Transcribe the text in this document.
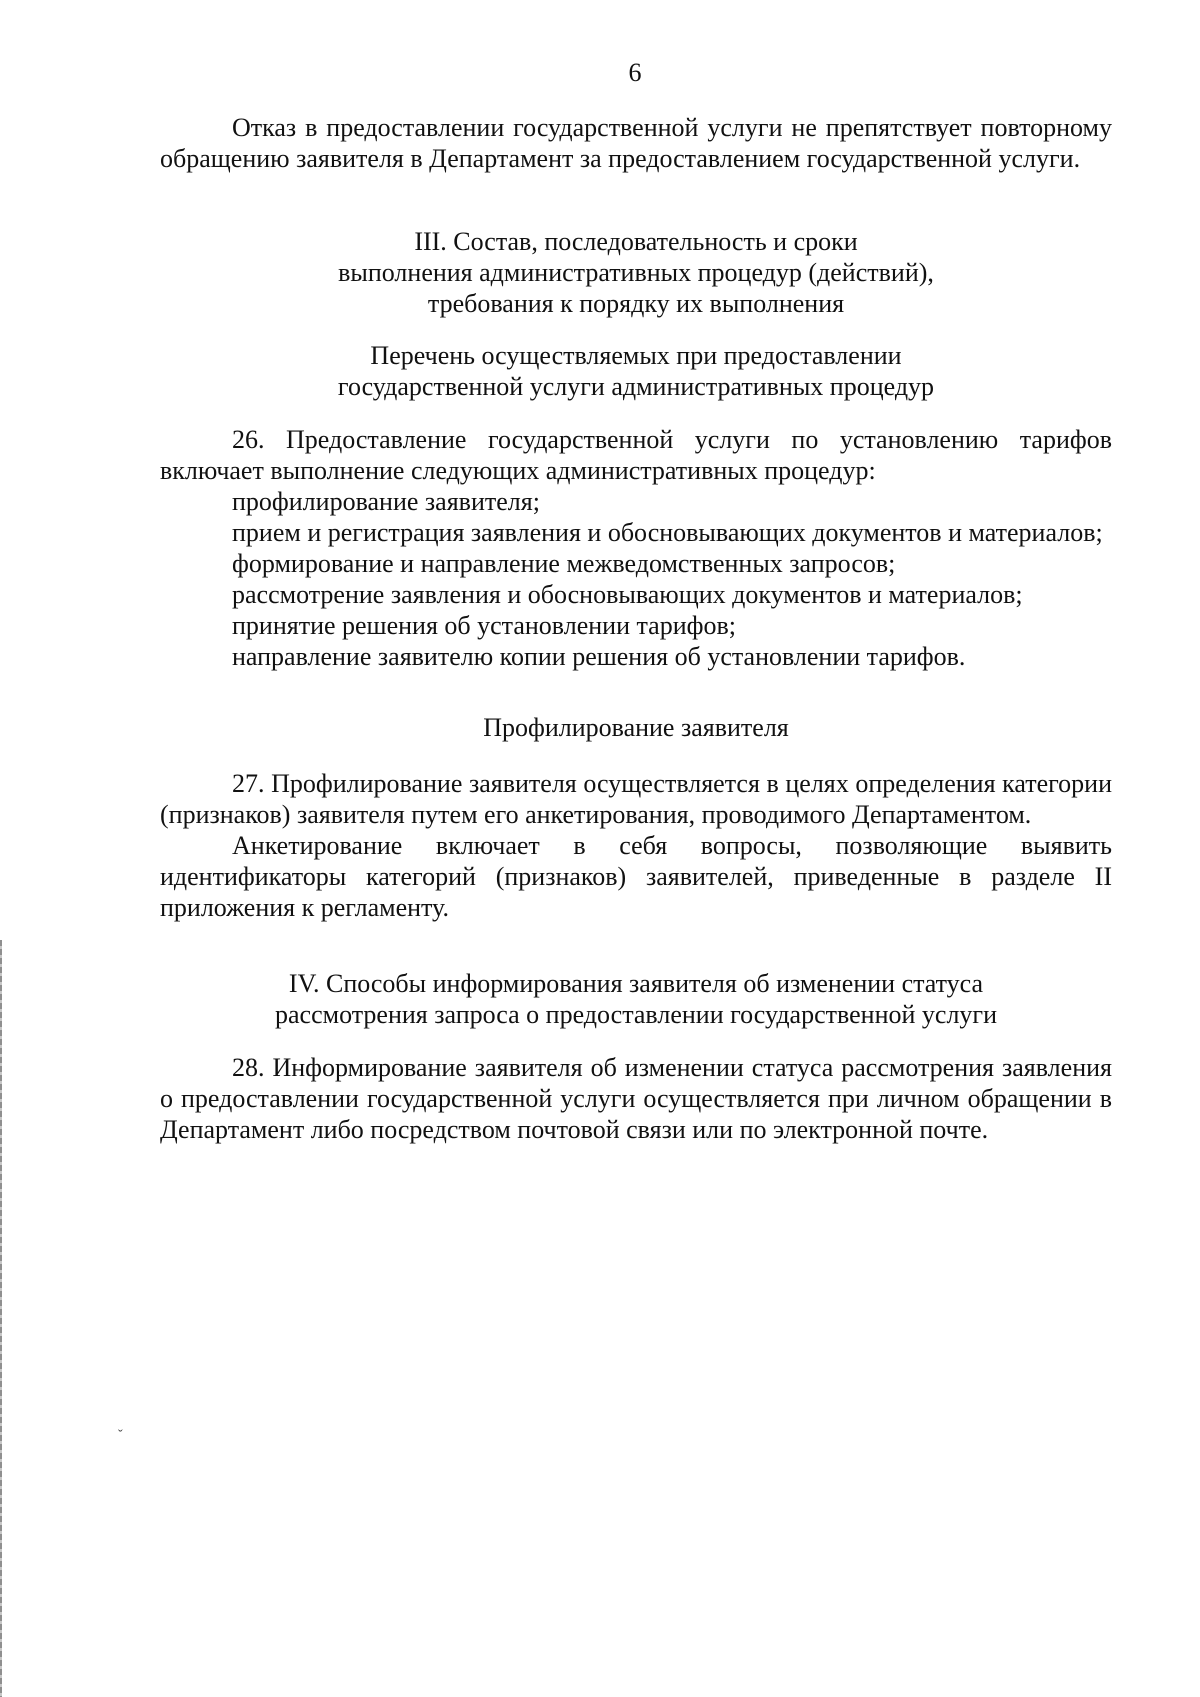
6

Отказ в предоставлении государственной услуги не препятствует повторному обращению заявителя в Департамент за предоставлением государственной услуги.

III. Состав, последовательность и сроки
выполнения административных процедур (действий),
требования к порядку их выполнения
Перечень осуществляемых при предоставлении
государственной услуги административных процедур

26. Предоставление государственной услуги по установлению тарифов включает выполнение следующих административных процедур:

профилирование заявителя;

прием и регистрация заявления и обосновывающих документов и материалов;

формирование и направление межведомственных запросов;

рассмотрение заявления и обосновывающих документов и материалов;

принятие решения об установлении тарифов;

направление заявителю копии решения об установлении тарифов.

Профилирование заявителя

27. Профилирование заявителя осуществляется в целях определения категории (признаков) заявителя путем его анкетирования, проводимого Департаментом.

Анкетирование включает в себя вопросы, позволяющие выявить идентификаторы категорий (признаков) заявителей, приведенные в разделе II приложения к регламенту.

IV. Способы информирования заявителя об изменении статуса
рассмотрения запроса о предоставлении государственной услуги

28. Информирование заявителя об изменении статуса рассмотрения заявления о предоставлении государственной услуги осуществляется при личном обращении в Департамент либо посредством почтовой связи или по электронной почте.

ˇ
